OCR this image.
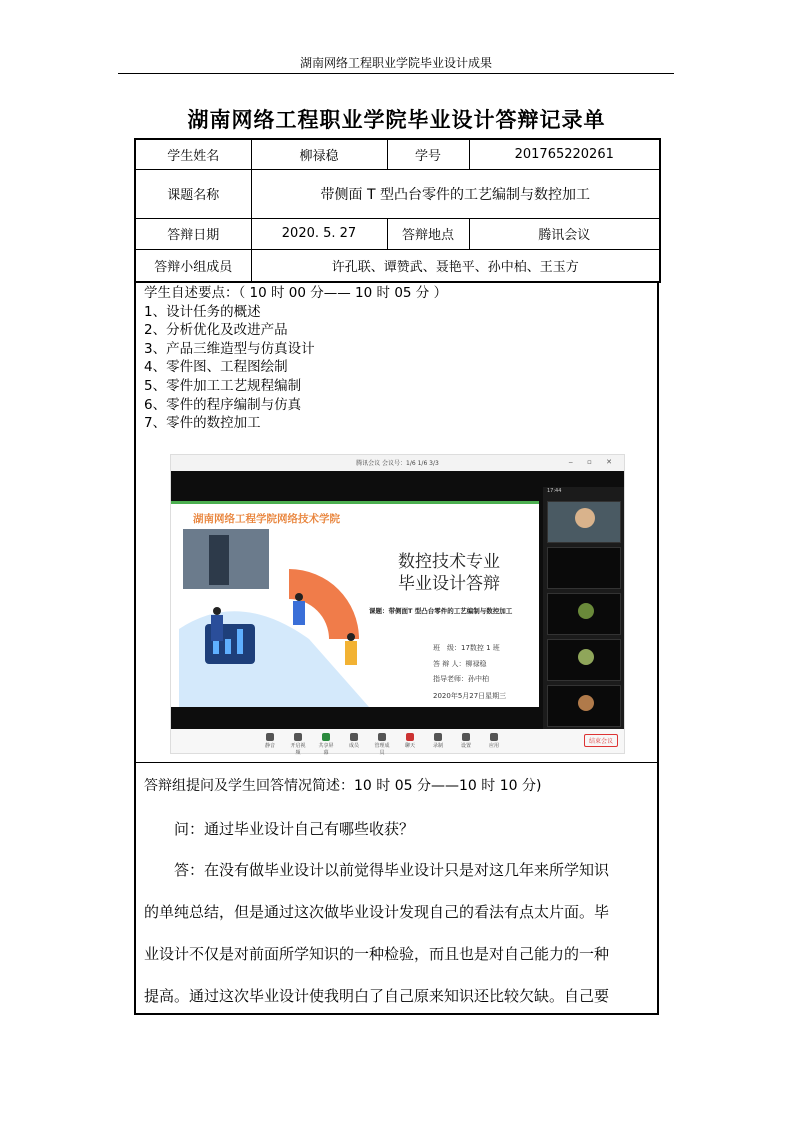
湖南网络工程职业学院毕业设计成果
湖南网络工程职业学院毕业设计答辩记录单
学生姓名	柳禄稳	学号	201765220261
课题名称	带侧面 T 型凸台零件的工艺编制与数控加工		
答辩日期	2020. 5. 27	答辩地点	腾讯会议
答辩小组成员	许孔联、谭赞武、聂艳平、孙中柏、王玉方		
学生自述要点：（ 10 时 00 分—— 10 时 05 分 ）
1、设计任务的概述
2、分析优化及改进产品
3、产品三维造型与仿真设计
4、零件图、工程图绘制
5、零件加工工艺规程编制
6、零件的程序编制与仿真
7、零件的数控加工
腾讯会议 会议号：1/6 1/6 3/3	‒ ▫ ✕
湖南网络工程学院网络技术学院
数控技术专业
毕业设计答辩
课题：带侧面T 型凸台零件的工艺编制与数控加工
班　级：17数控 1 班
答 辩 人：柳禄稳
指导老师：孙中柏
2020年5月27日星期三
17:44
静音	开启视频
共享屏幕
成员	管理成员
聊天	录制	设置	应用
结束会议
答辩组提问及学生回答情况简述：10 时 05 分——10 时 10 分)
问：通过毕业设计自己有哪些收获？
答：在没有做毕业设计以前觉得毕业设计只是对这几年来所学知识
的单纯总结，但是通过这次做毕业设计发现自己的看法有点太片面。毕
业设计不仅是对前面所学知识的一种检验，而且也是对自己能力的一种
提高。通过这次毕业设计使我明白了自己原来知识还比较欠缺。自己要
